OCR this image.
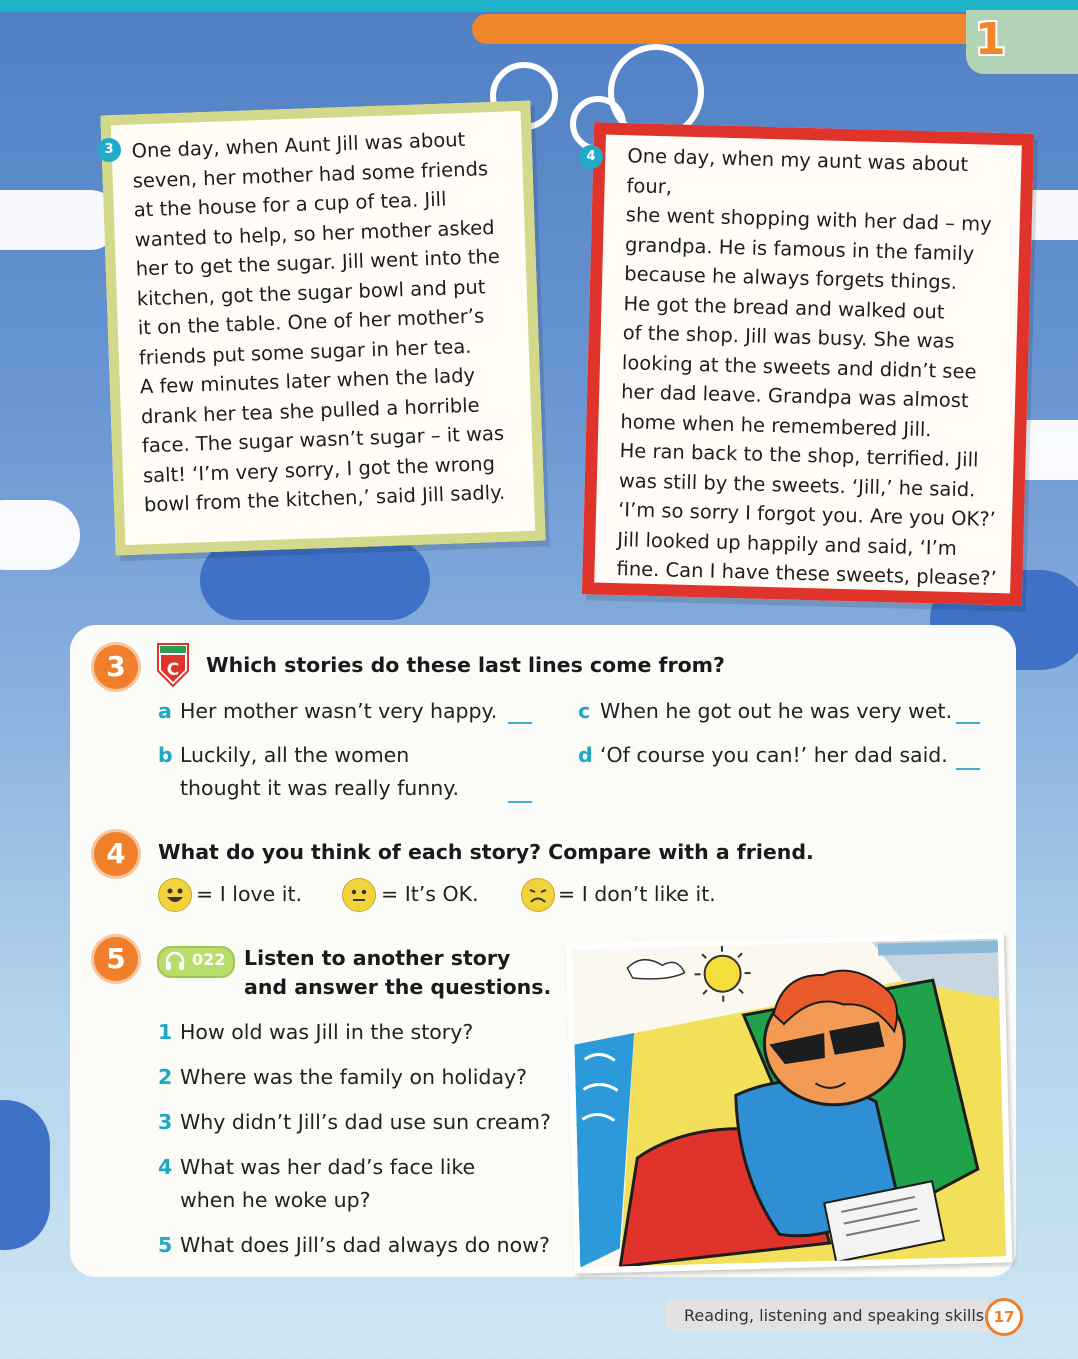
1
One day, when Aunt Jill was about
seven, her mother had some friends
at the house for a cup of tea. Jill
wanted to help, so her mother asked
her to get the sugar. Jill went into the
kitchen, got the sugar bowl and put
it on the table. One of her mother’s
friends put some sugar in her tea.
A few minutes later when the lady
drank her tea she pulled a horrible
face. The sugar wasn’t sugar – it was
salt! ‘I’m very sorry, I got the wrong
bowl from the kitchen,’ said Jill sadly.
3	One day, when my aunt was about four,
she went shopping with her dad – my
grandpa. He is famous in the family
because he always forgets things.
He got the bread and walked out
of the shop. Jill was busy. She was
looking at the sweets and didn’t see
her dad leave. Grandpa was almost
home when he remembered Jill.
He ran back to the shop, terrified. Jill
was still by the sweets. ‘Jill,’ he said.
‘I’m so sorry I forgot you. Are you OK?’
Jill looked up happily and said, ‘I’m
fine. Can I have these sweets, please?’
4
3	C Which stories do these last lines come from?
a Her mother wasn’t very happy.
b Luckily, all the women
thought it was really funny.
c When he got out he was very wet.
d ‘Of course you can!’ her dad said.
4	What do you think of each story? Compare with a friend.
= I love it.	= It’s OK.	= I don’t like it.
5	022 Listen to another story
and answer the questions.
1 How old was Jill in the story?
2 Where was the family on holiday?
3 Why didn’t Jill’s dad use sun cream?
4 What was her dad’s face like
when he woke up?
5 What does Jill’s dad always do now?
Reading, listening and speaking skills 17
